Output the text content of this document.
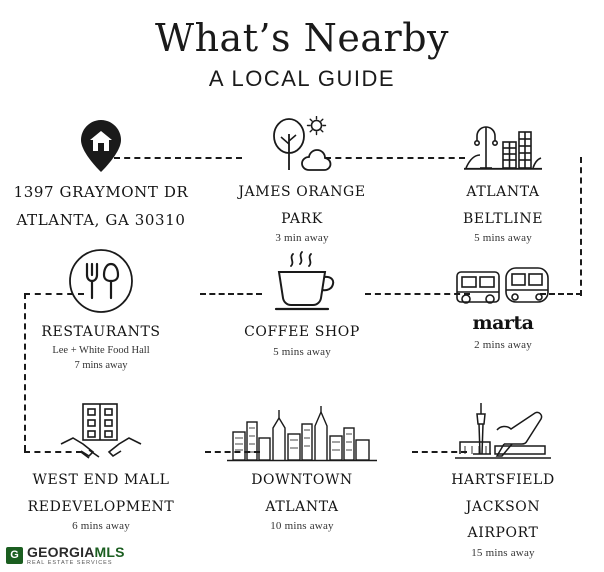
What’s Nearby
A LOCAL GUIDE
1397 GRAYMONT DR
ATLANTA, GA 30310
JAMES ORANGE
PARK
3 min away
ATLANTA
BELTLINE
5 mins away
RESTAURANTS
Lee + White Food Hall
7 mins away
COFFEE SHOP
5 mins away
marta
2 mins away
WEST END MALL
REDEVELOPMENT
6 mins away
DOWNTOWN
ATLANTA
10 mins away
HARTSFIELD
JACKSON
AIRPORT
15 mins away
G GEORGIAMLS
REAL ESTATE SERVICES
